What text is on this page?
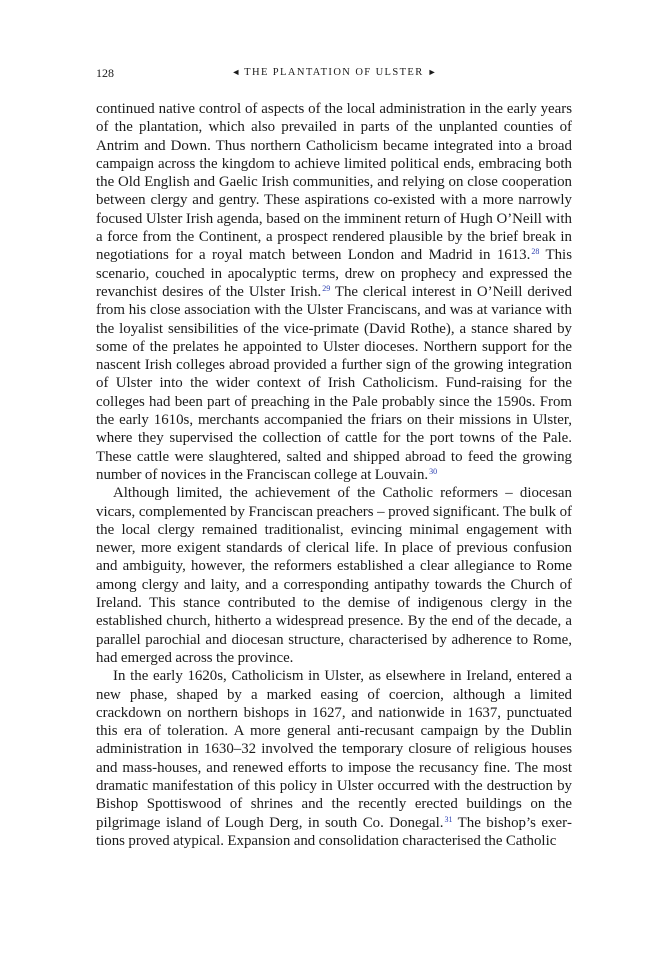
128	◄ THE PLANTATION OF ULSTER ►

continued native control of aspects of the local administration in the early years of the plantation, which also prevailed in parts of the unplanted counties of Antrim and Down. Thus northern Catholicism became integrated into a broad campaign across the kingdom to achieve limited political ends, embracing both the Old English and Gaelic Irish communities, and relying on close cooperation between clergy and gentry. These aspirations co-existed with a more narrowly focused Ulster Irish agenda, based on the imminent return of Hugh O’Neill with a force from the Continent, a prospect rendered plausible by the brief break in negotiations for a royal match between London and Madrid in 1613.28 This scenario, couched in apocalyptic terms, drew on prophecy and expressed the revanchist desires of the Ulster Irish.$^{29}$ The clerical interest in O’Neill derived from his close association with the Ulster Franciscans, and was at variance with the loyalist sensibilities of the vice-primate (David Rothe), a stance shared by some of the prelates he appointed to Ulster dioceses. Northern support for the nascent Irish colleges abroad provided a further sign of the growing integration of Ulster into the wider context of Irish Catholicism. Fund-raising for the colleges had been part of preaching in the Pale probably since the 1590s. From the early 1610s, merchants accompanied the friars on their missions in Ulster, where they supervised the collection of cattle for the port towns of the Pale. These cattle were slaughtered, salted and shipped abroad to feed the growing number of novices in the Franciscan college at Louvain.$^{30}$

Although limited, the achievement of the Catholic reformers – diocesan vicars, complemented by Franciscan preachers – proved significant. The bulk of the local clergy remained traditionalist, evincing minimal engagement with newer, more exigent standards of clerical life. In place of previous confusion and ambiguity, however, the reformers established a clear allegiance to Rome among clergy and laity, and a corresponding antipathy towards the Church of Ireland. This stance contributed to the demise of indigenous clergy in the established church, hitherto a widespread presence. By the end of the decade, a parallel parochial and diocesan structure, characterised by adherence to Rome, had emerged across the province.

In the early 1620s, Catholicism in Ulster, as elsewhere in Ireland, entered a new phase, shaped by a marked easing of coercion, although a limited crackdown on northern bishops in 1627, and nationwide in 1637, punctuated this era of toleration. A more general anti-recusant campaign by the Dublin administration in 1630–32 involved the temporary closure of religious houses and mass-houses, and renewed efforts to impose the recusancy fine. The most dramatic manifestation of this policy in Ulster occurred with the destruction by Bishop Spottiswood of shrines and the recently erected buildings on the pilgrimage island of Lough Derg, in south Co. Donegal.$^{31}$ The bishop’s exertions proved atypical. Expansion and consolidation characterised the Catholic
